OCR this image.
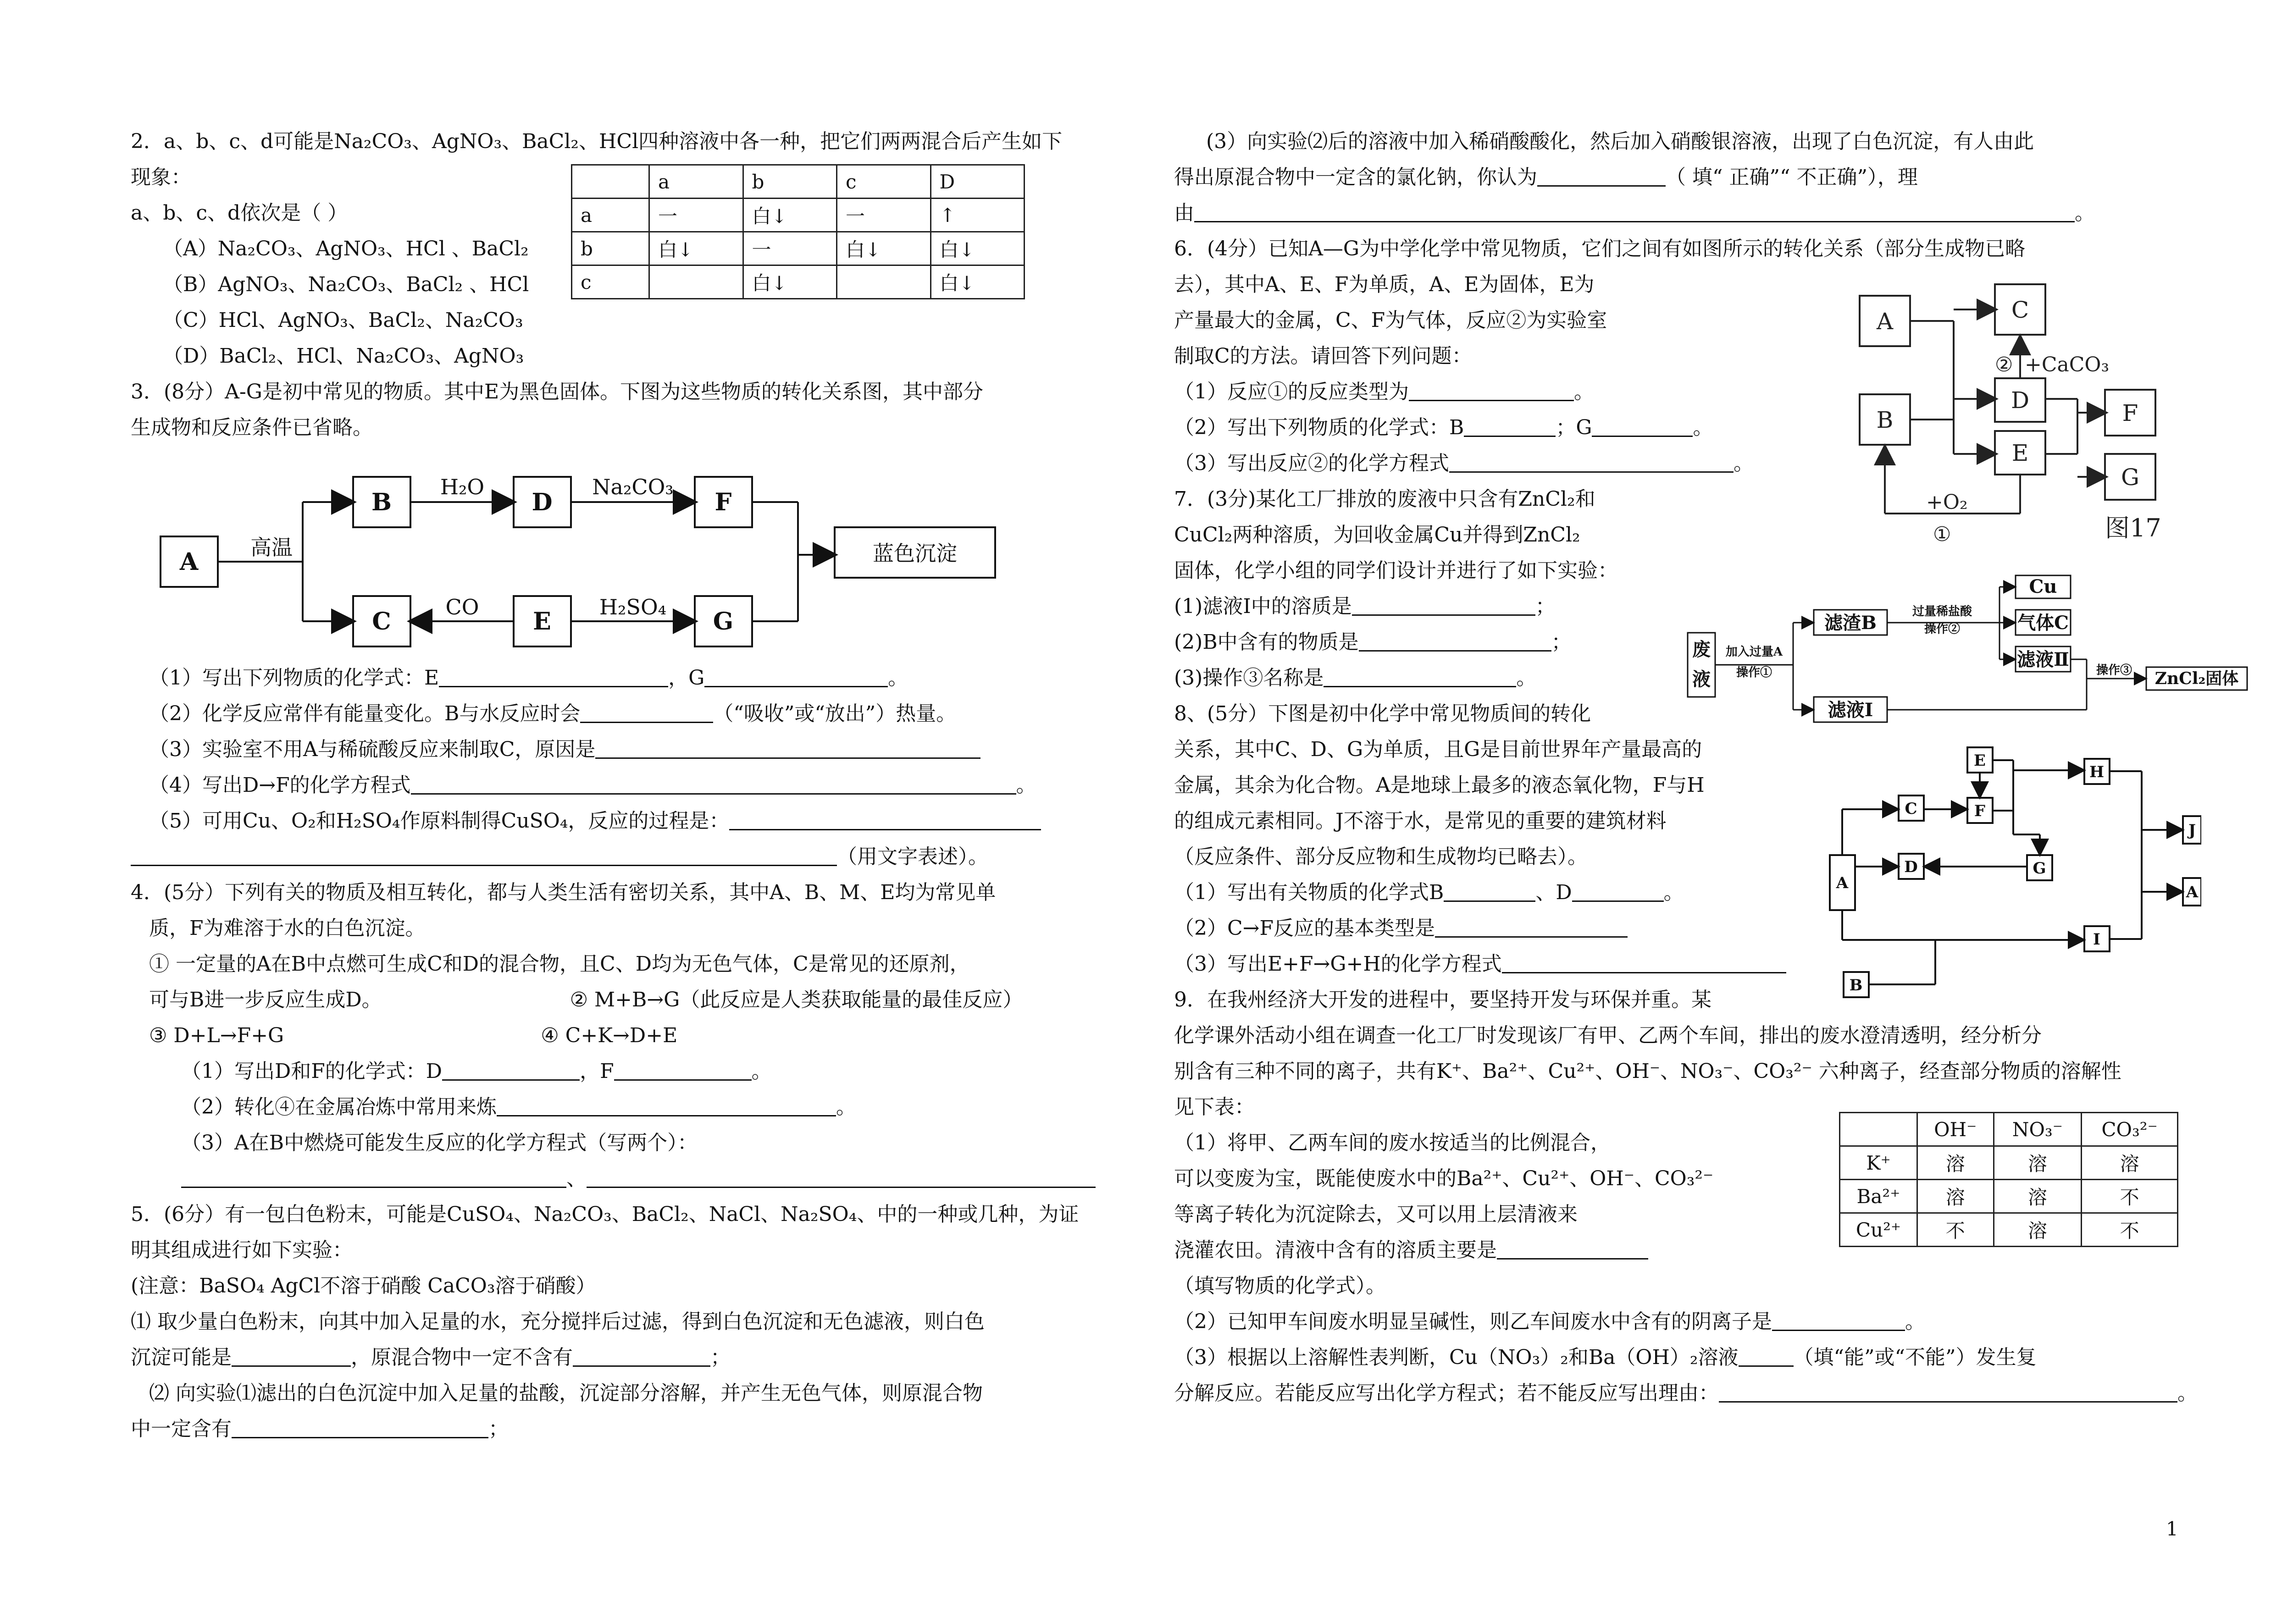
2．a、b、c、d可能是Na₂CO₃、AgNO₃、BaCl₂、HCl四种溶液中各一种，把它们两两混合后产生如下

现象：

a、b、c、d依次是（ ）

（A）Na₂CO₃、AgNO₃、HCl 、BaCl₂

（B）AgNO₃、Na₂CO₃、BaCl₂ 、HCl

（C）HCl、AgNO₃、BaCl₂、Na₂CO₃

（D）BaCl₂、HCl、Na₂CO₃、AgNO₃

3．(8分）A-G是初中常见的物质。其中E为黑色固体。下图为这些物质的转化关系图，其中部分

生成物和反应条件已省略。

（1）写出下列物质的化学式：E	，G	。

（2）化学反应常伴有能量变化。B与水反应时会	（“吸收”或“放出”）热量。

（3）实验室不用A与稀硫酸反应来制取C，原因是

（4）写出D→F的化学方程式	。

（5）可用Cu、O₂和H₂SO₄作原料制得CuSO₄，反应的过程是：

（用文字表述）。

4．(5分）下列有关的物质及相互转化，都与人类生活有密切关系，其中A、B、M、E均为常见单

质，F为难溶于水的白色沉淀。

① 一定量的A在B中点燃可生成C和D的混合物，且C、D均为无色气体，C是常见的还原剂，

可与B进一步反应生成D。	② M+B→G（此反应是人类获取能量的最佳反应）

③ D+L→F+G	④ C+K→D+E

（1）写出D和F的化学式：D	，F	。

（2）转化④在金属冶炼中常用来炼	。

（3）A在B中燃烧可能发生反应的化学方程式（写两个）：

、

5．(6分）有一包白色粉末，可能是CuSO₄、Na₂CO₃、BaCl₂、NaCl、Na₂SO₄、中的一种或几种，为证

明其组成进行如下实验：

(注意：BaSO₄ AgCl不溶于硝酸 CaCO₃溶于硝酸）

⑴ 取少量白色粉末，向其中加入足量的水，充分搅拌后过滤，得到白色沉淀和无色滤液，则白色

沉淀可能是	，原混合物中一定不含有	；

⑵ 向实验⑴滤出的白色沉淀中加入足量的盐酸，沉淀部分溶解，并产生无色气体，则原混合物

中一定含有	；

	a	b	c	D
a	一	白↓	一	↑
b	白↓	一	白↓	白↓
c		白↓		白↓
A
B	D	F
C	E	G
蓝色沉淀
高温
H₂O	Na₂CO₃
CO	H₂SO₄

(3）向实验⑵后的溶液中加入稀硝酸酸化，然后加入硝酸银溶液，出现了白色沉淀，有人由此

得出原混合物中一定含的氯化钠，你认为	（ 填“ 正确”“ 不正确”），理

由	。

6．(4分）已知A—G为中学化学中常见物质，它们之间有如图所示的转化关系（部分生成物已略

去），其中A、E、F为单质，A、E为固体，E为

产量最大的金属，C、F为气体，反应②为实验室

制取C的方法。请回答下列问题：

（1）反应①的反应类型为	。

（2）写出下列物质的化学式：B	；G	。

（3）写出反应②的化学方程式	。

7．(3分)某化工厂排放的废液中只含有ZnCl₂和

CuCl₂两种溶质，为回收金属Cu并得到ZnCl₂

固体，化学小组的同学们设计并进行了如下实验：

(1)滤液Ⅰ中的溶质是	；

(2)B中含有的物质是	；

(3)操作③名称是	。

8、(5分）下图是初中化学中常见物质间的转化

关系，其中C、D、G为单质，且G是目前世界年产量最高的

金属，其余为化合物。A是地球上最多的液态氧化物，F与H

的组成元素相同。J不溶于水，是常见的重要的建筑材料

（反应条件、部分反应物和生成物均已略去）。

（1）写出有关物质的化学式B	、D	。

（2）C→F反应的基本类型是

（3）写出E+F→G+H的化学方程式

9．在我州经济大开发的进程中，要坚持开发与环保并重。某

化学课外活动小组在调查一化工厂时发现该厂有甲、乙两个车间，排出的废水澄清透明，经分析分

别含有三种不同的离子，共有K⁺、Ba²⁺、Cu²⁺、OH⁻、NO₃⁻、CO₃²⁻ 六种离子，经查部分物质的溶解性

见下表：

（1）将甲、乙两车间的废水按适当的比例混合，

可以变废为宝，既能使废水中的Ba²⁺、Cu²⁺、OH⁻、CO₃²⁻

等离子转化为沉淀除去，又可以用上层清液来

浇灌农田。清液中含有的溶质主要是

（填写物质的化学式）。

（2）已知甲车间废水明显呈碱性，则乙车间废水中含有的阴离子是	。

（3）根据以上溶解性表判断，Cu（NO₃）₂和Ba（OH）₂溶液	（填“能”或“不能”）发生复

分解反应。若能反应写出化学方程式；若不能反应写出理由：	。

A
B
C
D
E
F
G
② +CaCO₃
+O₂
①	图17
废
液
滤渣B
滤液Ⅰ
Cu
气体C
滤液Ⅱ
ZnCl₂固体
加入过量A
操作①
过量稀盐酸
操作②
操作③
E
H
C	F
A
D	G
J
A
I
B
	OH⁻	NO₃⁻	CO₃²⁻
K⁺	溶	溶	溶
Ba²⁺	溶	溶	不
Cu²⁺	不	溶	不
1
